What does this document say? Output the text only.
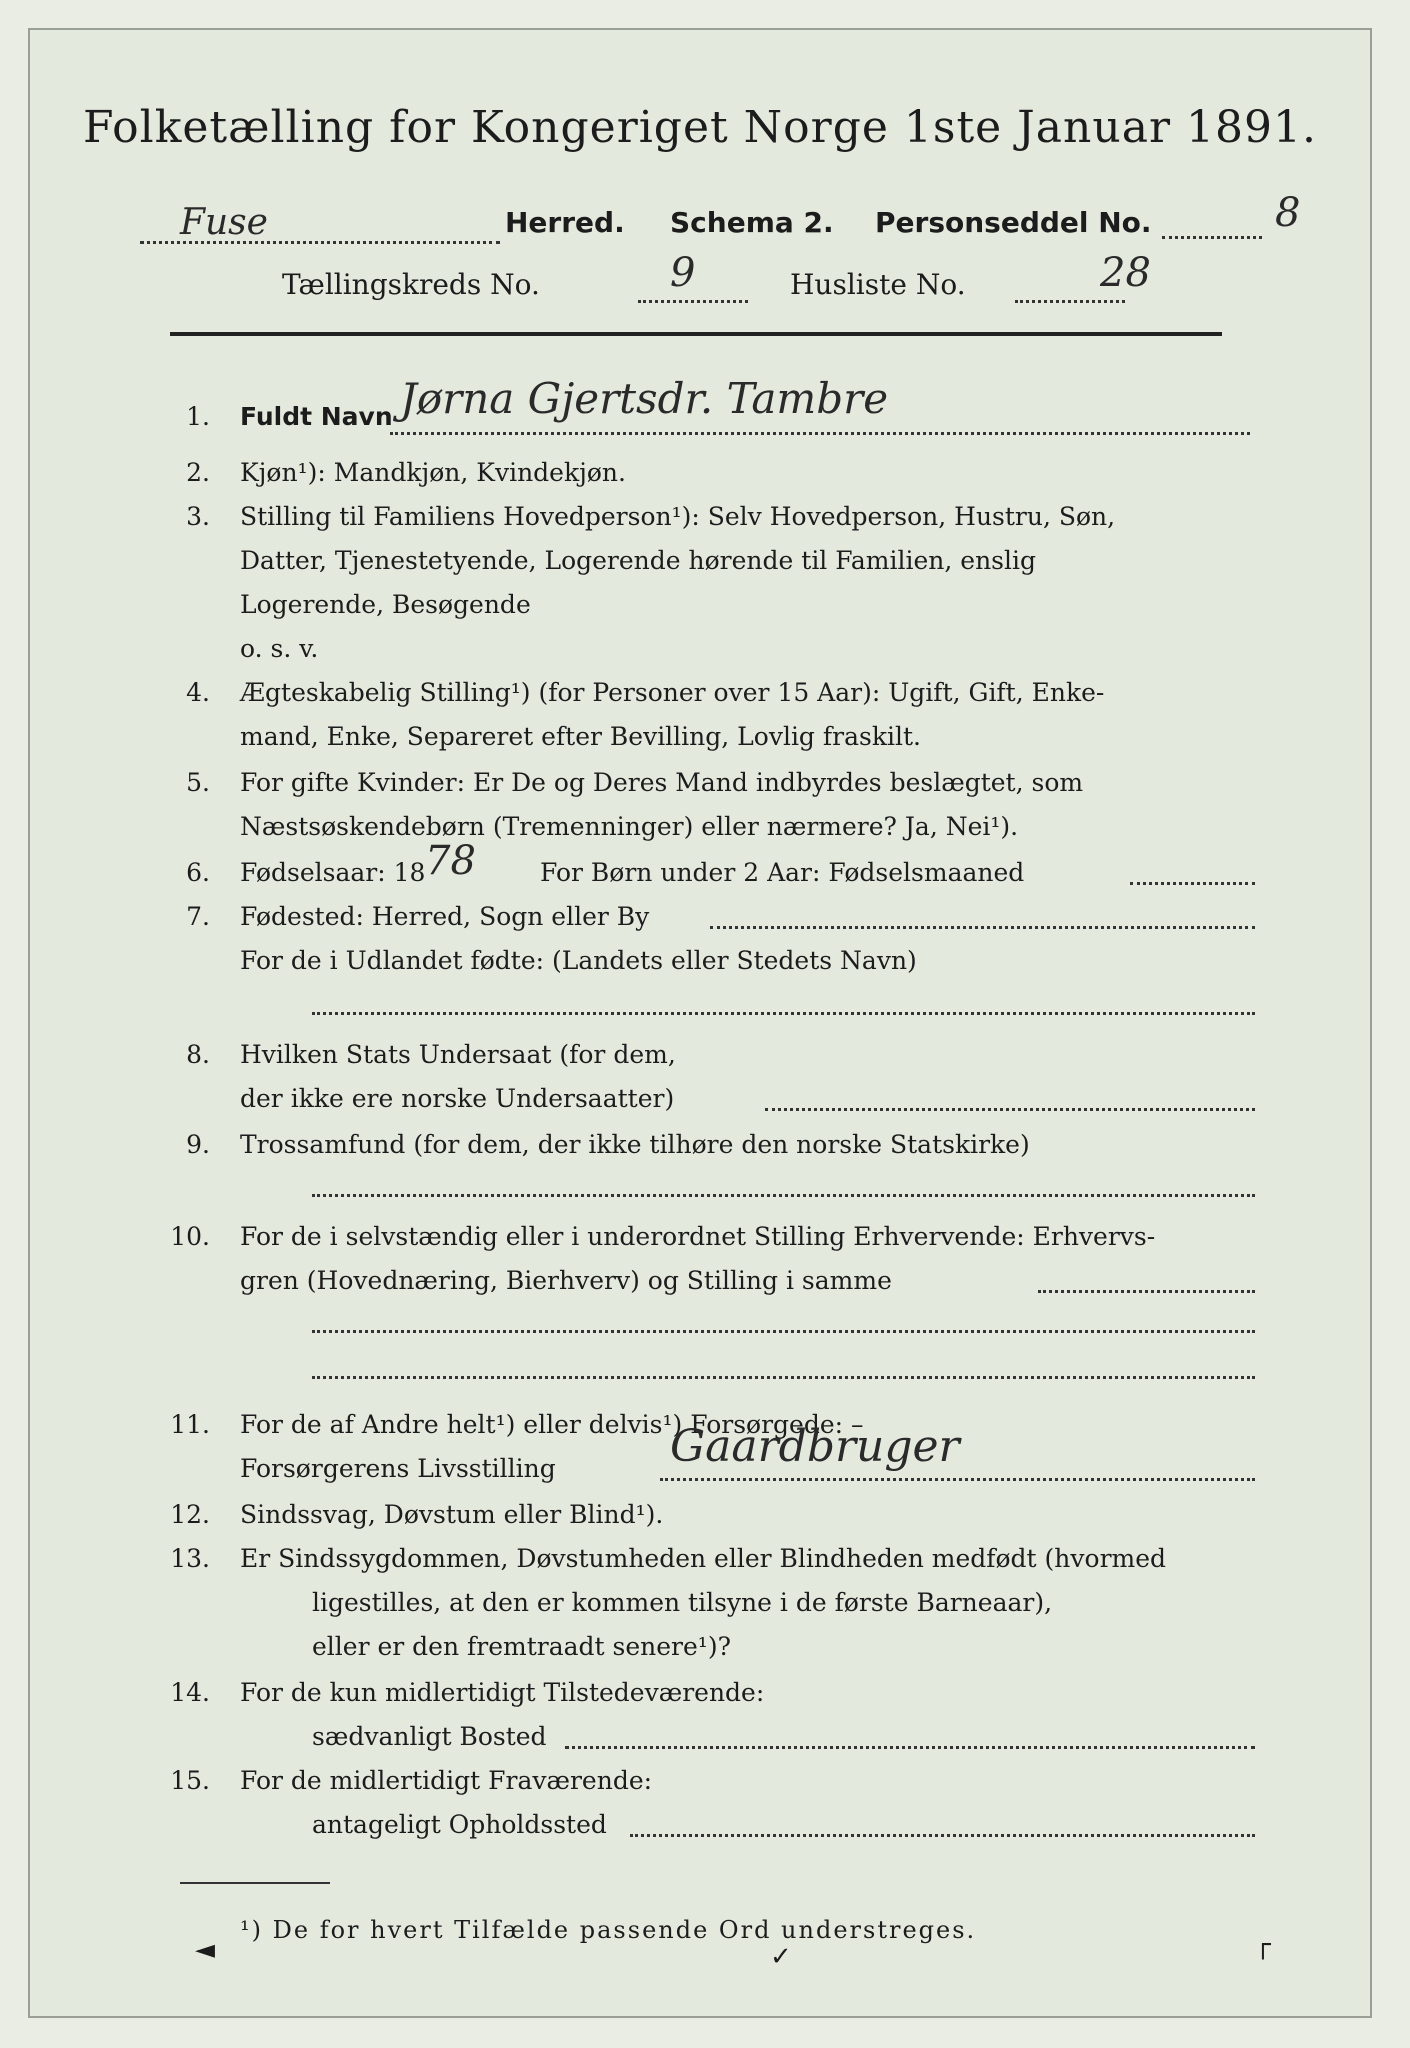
Folketælling for Kongeriget Norge 1ste Januar 1891.
Fuse	Herred. Schema 2. Personseddel No.	8
Tællingskreds No.	9	Husliste No.	28
1. Fuldt Navn Jørna Gjertsdr. Tambre
2. Kjøn¹): Mandkjøn, Kvindekjøn.
3. Stilling til Familiens Hovedperson¹): Selv Hovedperson, Hustru, Søn,
Datter, Tjenestetyende, Logerende hørende til Familien, enslig
Logerende, Besøgende
o. s. v.
4. Ægteskabelig Stilling¹) (for Personer over 15 Aar): Ugift, Gift, Enke-
mand, Enke, Separeret efter Bevilling, Lovlig fraskilt.
5. For gifte Kvinder: Er De og Deres Mand indbyrdes beslægtet, som
Næstsøskendebørn (Tremenninger) eller nærmere? Ja, Nei¹).
6. Fødselsaar: 18 78	For Børn under 2 Aar: Fødselsmaaned
7. Fødested: Herred, Sogn eller By
For de i Udlandet fødte: (Landets eller Stedets Navn)
8. Hvilken Stats Undersaat (for dem,
der ikke ere norske Undersaatter)
9. Trossamfund (for dem, der ikke tilhøre den norske Statskirke)
10. For de i selvstændig eller i underordnet Stilling Erhvervende: Erhvervs-
gren (Hovednæring, Bierhverv) og Stilling i samme
11. For de af Andre helt¹) eller delvis¹) Forsørgede: –
Forsørgerens Livsstilling	Gaardbruger
12. Sindssvag, Døvstum eller Blind¹).
13. Er Sindssygdommen, Døvstumheden eller Blindheden medfødt (hvormed
ligestilles, at den er kommen tilsyne i de første Barneaar),
eller er den fremtraadt senere¹)?
14. For de kun midlertidigt Tilstedeværende:
sædvanligt Bosted
15. For de midlertidigt Fraværende:
antageligt Opholdssted
¹) De for hvert Tilfælde passende Ord understreges.
◄	✓	┌
